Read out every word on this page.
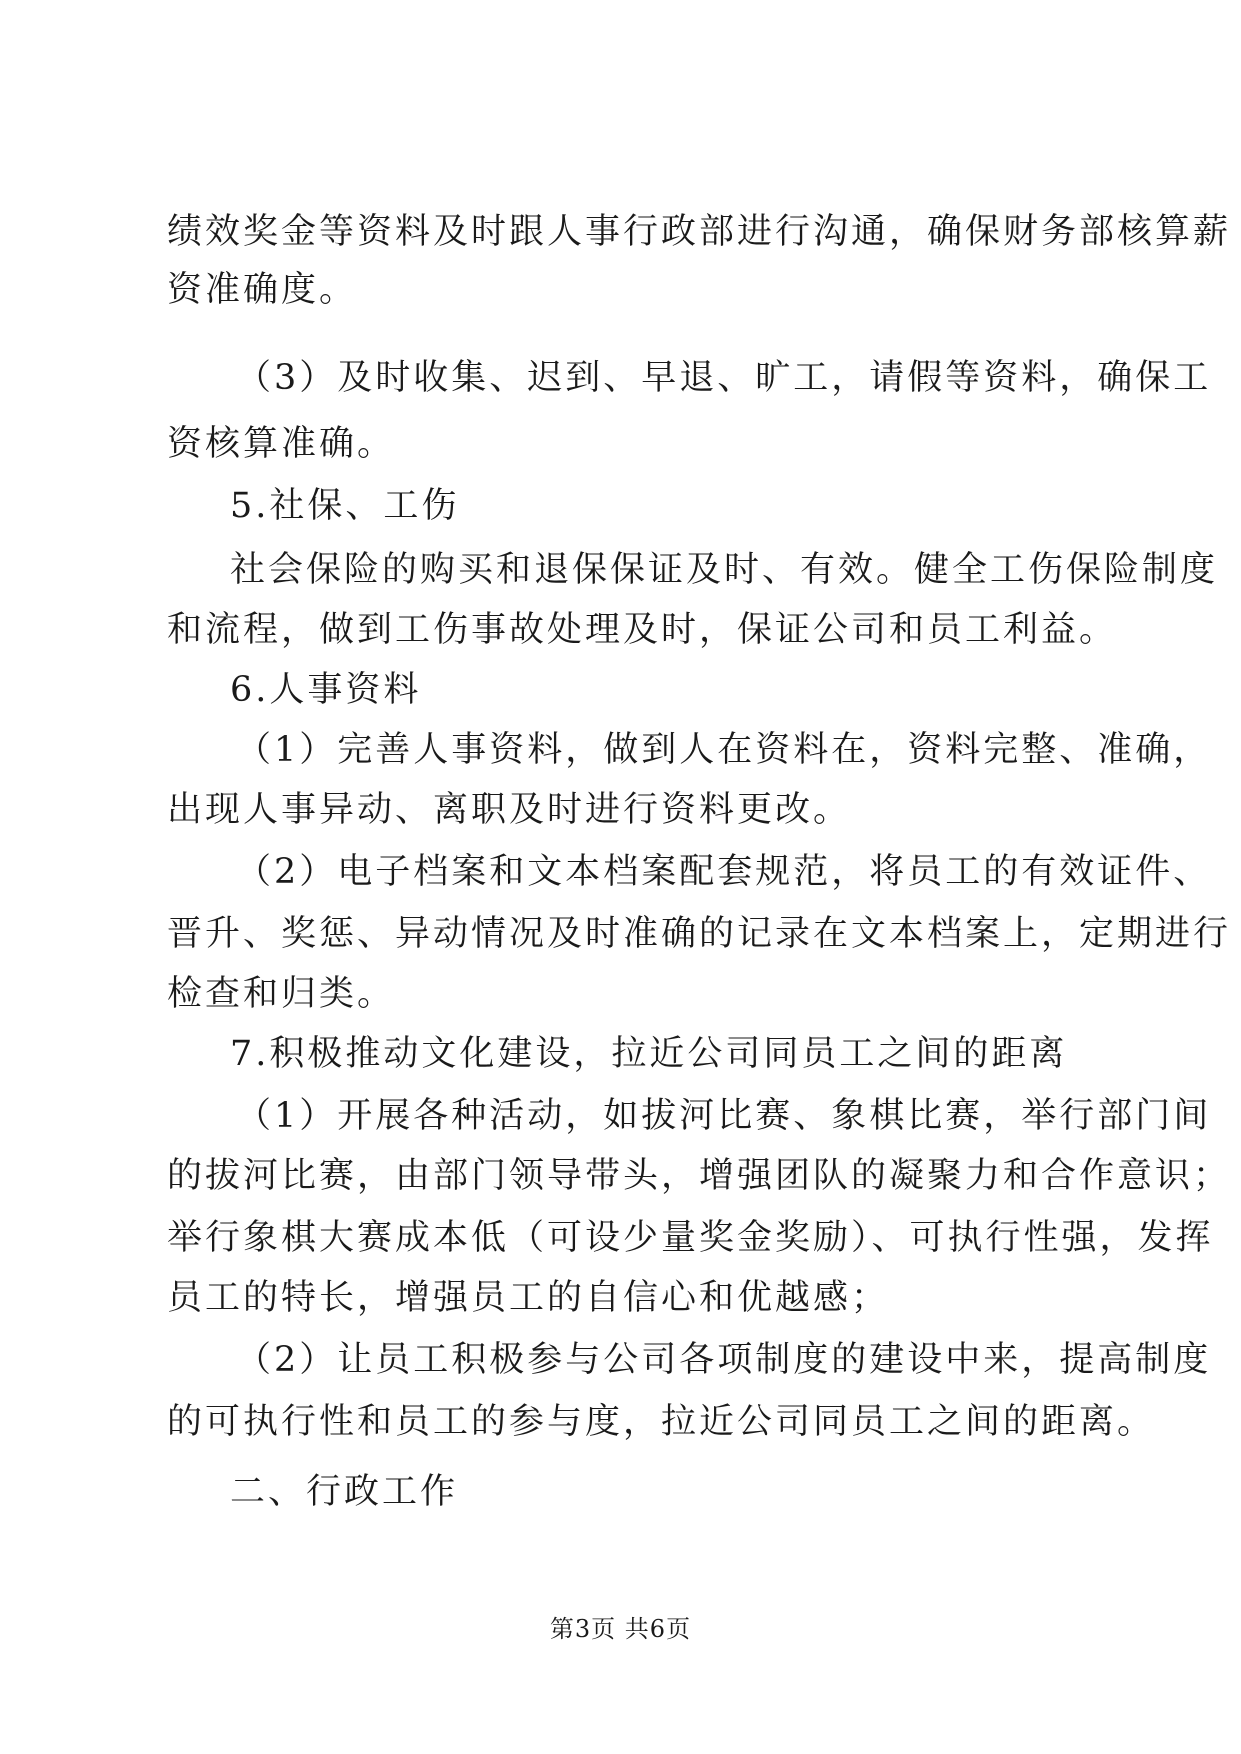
绩效奖金等资料及时跟人事行政部进行沟通，确保财务部核算薪
资准确度。
（3）及时收集、迟到、早退、旷工，请假等资料，确保工
资核算准确。
5.社保、工伤
社会保险的购买和退保保证及时、有效。健全工伤保险制度
和流程，做到工伤事故处理及时，保证公司和员工利益。
6.人事资料
（1）完善人事资料，做到人在资料在，资料完整、准确，
出现人事异动、离职及时进行资料更改。
（2）电子档案和文本档案配套规范，将员工的有效证件、
晋升、奖惩、异动情况及时准确的记录在文本档案上，定期进行
检查和归类。
7.积极推动文化建设，拉近公司同员工之间的距离
（1）开展各种活动，如拔河比赛、象棋比赛，举行部门间
的拔河比赛，由部门领导带头，增强团队的凝聚力和合作意识；
举行象棋大赛成本低（可设少量奖金奖励）、可执行性强，发挥
员工的特长，增强员工的自信心和优越感；
（2）让员工积极参与公司各项制度的建设中来，提高制度
的可执行性和员工的参与度，拉近公司同员工之间的距离。
二、行政工作
第3页 共6页
